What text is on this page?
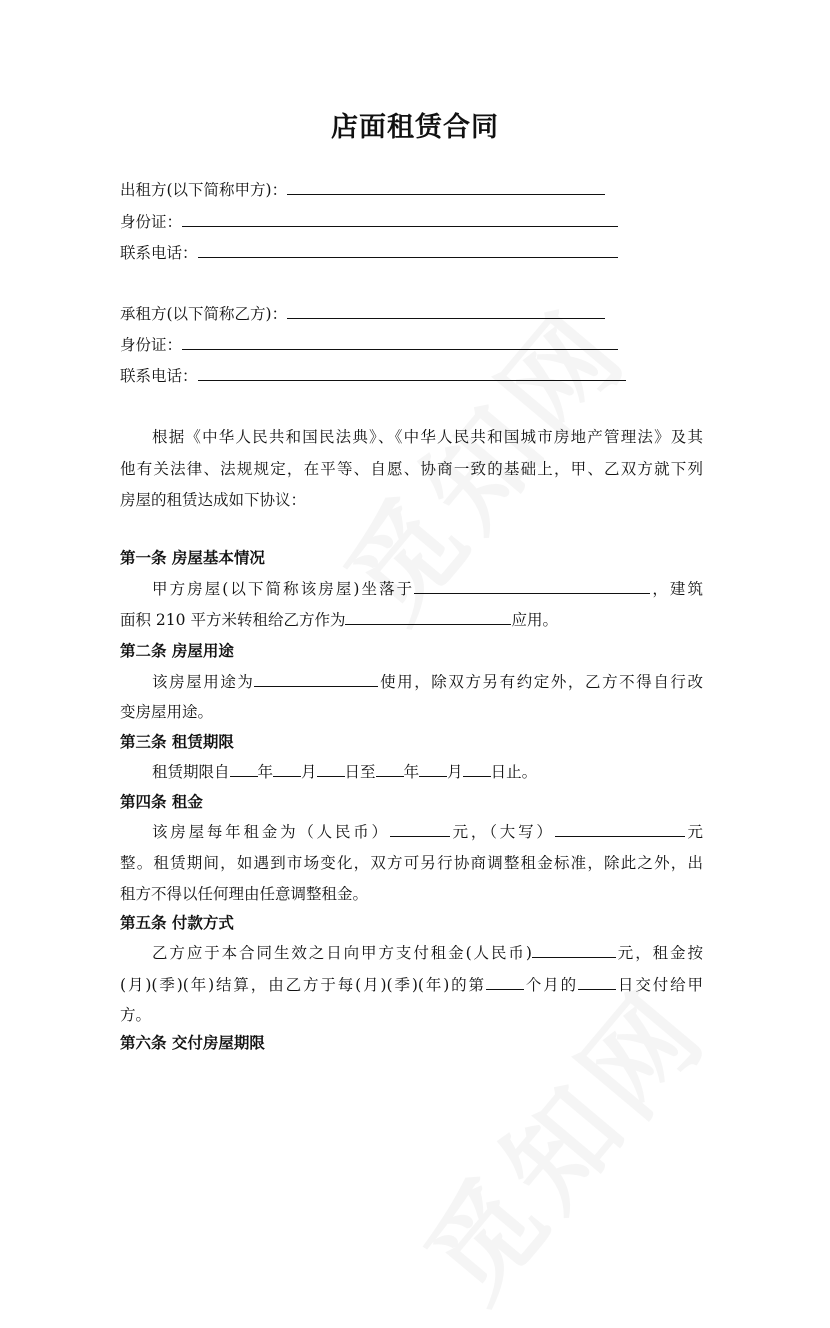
店面租赁合同
出租方(以下简称甲方)：
身份证：
联系电话：
承租方(以下简称乙方)：
身份证：
联系电话：
根据《中华人民共和国民法典》、《中华人民共和国城市房地产管理法》及其
他有关法律、法规规定，在平等、自愿、协商一致的基础上，甲、乙双方就下列
房屋的租赁达成如下协议：
第一条 房屋基本情况
甲方房屋(以下简称该房屋)坐落于	，建筑
面积 210 平方米转租给乙方作为	应用。
第二条 房屋用途
该房屋用途为	使用，除双方另有约定外，乙方不得自行改
变房屋用途。
第三条 租赁期限
租赁期限自 年 月 日至 年 月 日止。
第四条 租金
该房屋每年租金为（人民币）	元，（大写）	元
整。租赁期间，如遇到市场变化，双方可另行协商调整租金标准，除此之外，出
租方不得以任何理由任意调整租金。
第五条 付款方式
乙方应于本合同生效之日向甲方支付租金(人民币)	元，租金按
(月)(季)(年)结算，由乙方于每(月)(季)(年)的第 个月的 日交付给甲
方。
第六条 交付房屋期限
